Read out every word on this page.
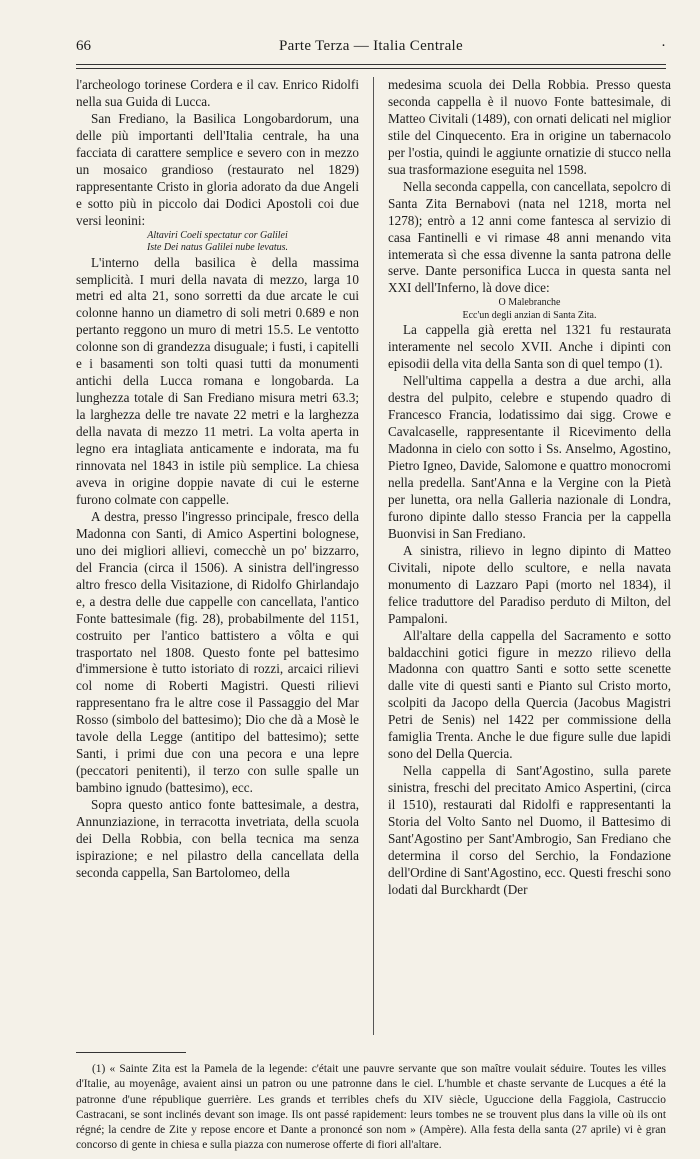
66	Parte Terza — Italia Centrale	·

l'archeologo torinese Cordera e il cav. Enrico Ridolfi nella sua Guida di Lucca.

San Frediano, la Basilica Longobardorum, una delle più importanti dell'Italia centrale, ha una facciata di carattere semplice e severo con in mezzo un mosaico grandioso (restaurato nel 1829) rappresentante Cristo in gloria adorato da due Angeli e sotto più in piccolo dai Dodici Apostoli coi due versi leonini:

Altaviri Coeli spectatur cor Galilei
Iste Dei natus Galilei nube levatus.

L'interno della basilica è della massima semplicità. I muri della navata di mezzo, larga 10 metri ed alta 21, sono sorretti da due arcate le cui colonne hanno un diametro di soli metri 0.689 e non pertanto reggono un muro di metri 15.5. Le ventotto colonne son di grandezza disuguale; i fusti, i capitelli e i basamenti son tolti quasi tutti da monumenti antichi della Lucca romana e longobarda. La lunghezza totale di San Frediano misura metri 63.3; la larghezza delle tre navate 22 metri e la larghezza della navata di mezzo 11 metri. La volta aperta in legno era intagliata anticamente e indorata, ma fu rinnovata nel 1843 in istile più semplice. La chiesa aveva in origine doppie navate di cui le esterne furono colmate con cappelle.

A destra, presso l'ingresso principale, fresco della Madonna con Santi, di Amico Aspertini bolognese, uno dei migliori allievi, comecchè un po' bizzarro, del Francia (circa il 1506). A sinistra dell'ingresso altro fresco della Visitazione, di Ridolfo Ghirlandajo e, a destra delle due cappelle con cancellata, l'antico Fonte battesimale (fig. 28), probabilmente del 1151, costruito per l'antico battistero a vôlta e qui trasportato nel 1808. Questo fonte pel battesimo d'immersione è tutto istoriato di rozzi, arcaici rilievi col nome di Roberti Magistri. Questi rilievi rappresentano fra le altre cose il Passaggio del Mar Rosso (simbolo del battesimo); Dio che dà a Mosè le tavole della Legge (antitipo del battesimo); sette Santi, i primi due con una pecora e una lepre (peccatori penitenti), il terzo con sulle spalle un bambino ignudo (battesimo), ecc.

Sopra questo antico fonte battesimale, a destra, Annunziazione, in terracotta invetriata, della scuola dei Della Robbia, con bella tecnica ma senza ispirazione; e nel pilastro della cancellata della seconda cappella, San Bartolomeo, della

medesima scuola dei Della Robbia. Presso questa seconda cappella è il nuovo Fonte battesimale, di Matteo Civitali (1489), con ornati delicati nel miglior stile del Cinquecento. Era in origine un tabernacolo per l'ostia, quindi le aggiunte ornatizie di stucco nella sua trasformazione eseguita nel 1598.

Nella seconda cappella, con cancellata, sepolcro di Santa Zita Bernabovi (nata nel 1218, morta nel 1278); entrò a 12 anni come fantesca al servizio di casa Fantinelli e vi rimase 48 anni menando vita intemerata sì che essa divenne la santa patrona delle serve. Dante personifica Lucca in questa santa nel XXI dell'Inferno, là dove dice:

O Malebranche
Ecc'un degli anzian di Santa Zita.

La cappella già eretta nel 1321 fu restaurata interamente nel secolo XVII. Anche i dipinti con episodii della vita della Santa son di quel tempo (1).

Nell'ultima cappella a destra a due archi, alla destra del pulpito, celebre e stupendo quadro di Francesco Francia, lodatissimo dai sigg. Crowe e Cavalcaselle, rappresentante il Ricevimento della Madonna in cielo con sotto i Ss. Anselmo, Agostino, Pietro Igneo, Davide, Salomone e quattro monocromi nella predella. Sant'Anna e la Vergine con la Pietà per lunetta, ora nella Galleria nazionale di Londra, furono dipinte dallo stesso Francia per la cappella Buonvisi in San Frediano.

A sinistra, rilievo in legno dipinto di Matteo Civitali, nipote dello scultore, e nella navata monumento di Lazzaro Papi (morto nel 1834), il felice traduttore del Paradiso perduto di Milton, del Pampaloni.

All'altare della cappella del Sacramento e sotto baldacchini gotici figure in mezzo rilievo della Madonna con quattro Santi e sotto sette scenette dalle vite di questi santi e Pianto sul Cristo morto, scolpiti da Jacopo della Quercia (Jacobus Magistri Petri de Senis) nel 1422 per commissione della famiglia Trenta. Anche le due figure sulle due lapidi sono del Della Quercia.

Nella cappella di Sant'Agostino, sulla parete sinistra, freschi del precitato Amico Aspertini, (circa il 1510), restaurati dal Ridolfi e rappresentanti la Storia del Volto Santo nel Duomo, il Battesimo di Sant'Agostino per Sant'Ambrogio, San Frediano che determina il corso del Serchio, la Fondazione dell'Ordine di Sant'Agostino, ecc. Questi freschi sono lodati dal Burckhardt (Der

(1) « Sainte Zita est la Pamela de la legende: c'était une pauvre servante que son maître voulait séduire. Toutes les villes d'Italie, au moyenâge, avaient ainsi un patron ou une patronne dans le ciel. L'humble et chaste servante de Lucques a été la patronne d'une république guerrière. Les grands et terribles chefs du XIV siècle, Uguccione della Faggiola, Castruccio Castracani, se sont inclinés devant son image. Ils ont passé rapidement: leurs tombes ne se trouvent plus dans la ville où ils ont régné; la cendre de Zite y repose encore et Dante a prononcé son nom » (Ampère). Alla festa della santa (27 aprile) vi è gran concorso di gente in chiesa e sulla piazza con numerose offerte di fiori all'altare.
